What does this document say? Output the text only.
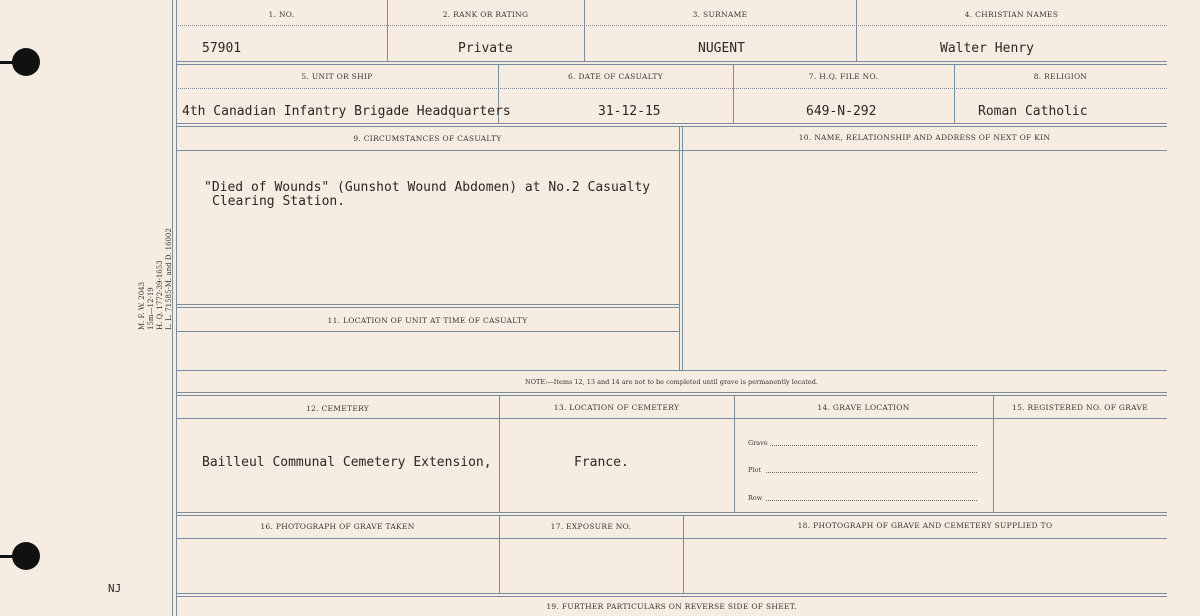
M. F. W. 2043 15m—12-19 H. Q. 1772-39-1653 L. L. 71585-M. and D. 16002
NJ
1. NO.	2. RANK OR RATING	3. SURNAME	4. CHRISTIAN NAMES
57901	Private	NUGENT	Walter Henry
5. UNIT OR SHIP	6. DATE OF CASUALTY	7. H.Q. FILE NO.	8. RELIGION
4th Canadian Infantry Brigade Headquarters	31-12-15	649-N-292	Roman Catholic
9. CIRCUMSTANCES OF CASUALTY	10. NAME, RELATIONSHIP AND ADDRESS OF NEXT OF KIN
"Died of Wounds" (Gunshot Wound Abdomen) at No.2 Casualty
Clearing Station.
11. LOCATION OF UNIT AT TIME OF CASUALTY
NOTE:—Items 12, 13 and 14 are not to be completed until grave is permanently located.
12. CEMETERY	13. LOCATION OF CEMETERY	14. GRAVE LOCATION	15. REGISTERED NO. OF GRAVE
Bailleul Communal Cemetery Extension,	France.
Grave
Plot
Row
16. PHOTOGRAPH OF GRAVE TAKEN	17. EXPOSURE NO.	18. PHOTOGRAPH OF GRAVE AND CEMETERY SUPPLIED TO
19. FURTHER PARTICULARS ON REVERSE SIDE OF SHEET.
